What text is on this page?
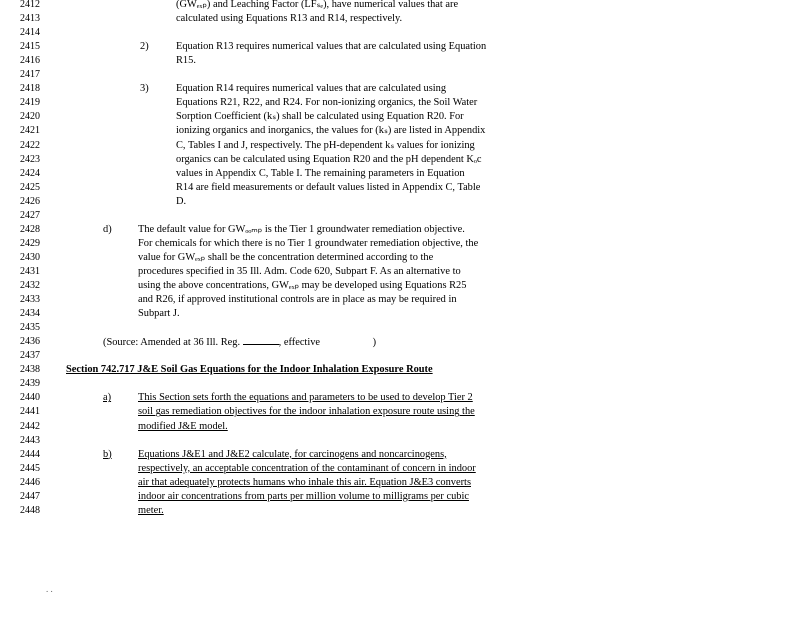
2412	(GWₑₓₚ) and Leaching Factor (LFₛₑ), have numerical values that are
2413	calculated using Equations R13 and R14, respectively.
2414
2415	2)	Equation R13 requires numerical values that are calculated using Equation
2416	R15.
2417
2418	3)	Equation R14 requires numerical values that are calculated using
2419	Equations R21, R22, and R24. For non-ionizing organics, the Soil Water
2420	Sorption Coefficient (kₛ) shall be calculated using Equation R20. For
2421	ionizing organics and inorganics, the values for (kₛ) are listed in Appendix
2422	C, Tables I and J, respectively. The pH-dependent kₛ values for ionizing
2423	organics can be calculated using Equation R20 and the pH dependent Kₒc
2424	values in Appendix C, Table I. The remaining parameters in Equation
2425	R14 are field measurements or default values listed in Appendix C, Table
2426	D.
2427
2428	d)	The default value for GWₒₒₘₚ is the Tier 1 groundwater remediation objective.
2429	For chemicals for which there is no Tier 1 groundwater remediation objective, the
2430	value for GWₑₓₚ shall be the concentration determined according to the
2431	procedures specified in 35 Ill. Adm. Code 620, Subpart F. As an alternative to
2432	using the above concentrations, GWₑₓₚ may be developed using Equations R25
2433	and R26, if approved institutional controls are in place as may be required in
2434	Subpart J.
2435
2436	(Source: Amended at 36 Ill. Reg.	, effective	)
2437
2438	Section 742.717 J&E Soil Gas Equations for the Indoor Inhalation Exposure Route
2439
2440	a)	This Section sets forth the equations and parameters to be used to develop Tier 2
2441	soil gas remediation objectives for the indoor inhalation exposure route using the
2442	modified J&E model.
2443
2444	b)	Equations J&E1 and J&E2 calculate, for carcinogens and noncarcinogens,
2445	respectively, an acceptable concentration of the contaminant of concern in indoor
2446	air that adequately protects humans who inhale this air. Equation J&E3 converts
2447	indoor air concentrations from parts per million volume to milligrams per cubic
2448	meter.
. .
